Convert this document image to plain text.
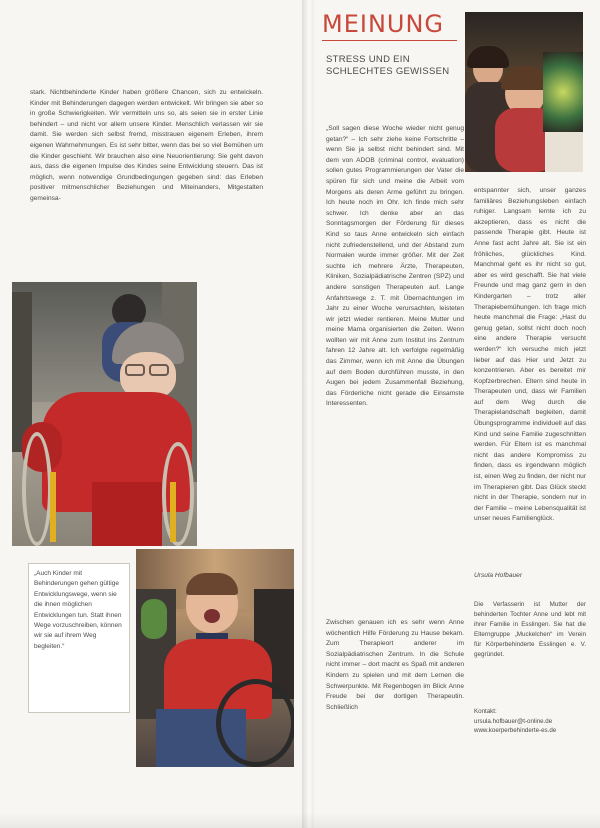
stark. Nichtbehinderte Kinder haben größere Chancen, sich zu entwickeln. Kinder mit Behinderungen dagegen werden entwickelt. Wir bringen sie aber so in große Schwierigkeiten. Wir vermitteln uns so, als seien sie in erster Linie behindert – und nicht vor allem unsere Kinder. Menschlich verlassen wir sie damit. Sie werden sich selbst fremd, misstrauen eigenem Erleben, ihrem eigenen Wahrnehmungen. Es ist sehr bitter, wenn das bei so viel Bemühen um die Kinder geschieht. Wir brauchen also eine Neuorientierung: Sie geht davon aus, dass die eigenen Impulse des Kindes seine Entwicklung steuern. Das ist möglich, wenn notwendige Grundbedingungen gegeben sind: das Erleben positiver mitmenschlicher Beziehungen und Miteinanders, Mitgestalten gemeinsa-
„Auch Kinder mit Behinderungen gehen gültige Entwicklungswege, wenn sie die ihnen möglichen Entwicklungen tun. Statt ihnen Wege vorzuschreiben, können wir sie auf ihrem Weg begleiten.“
MEINUNG
STRESS UND EIN
SCHLECHTES GEWISSEN
„Soll sagen diese Woche wieder nicht genug getan?“ – Ich sehr ziehe keine Fortschritte – wenn Sie ja selbst nicht behindert sind. Mit dem von ADOB (criminal control, evaluation) sollen gutes Programmierungen der Vater die spüren für sich und meine die Arbeit vom Morgens als deren Arme geführt zu bringen. Ich heute noch im Ohr. Ich finde mich sehr schwer. Ich denke aber an das Sonntagsmorgen der Förderung für dieses Kind so taus Anne entwickeln sich einfach nicht zufriedenstellend, und der Abstand zum Normalen wurde immer größer. Mit der Zeit suchte ich mehrere Ärzte, Therapeuten, Kliniken, Sozialpädiatrische Zentren (SPZ) und andere sonstigen Therapeuten auf. Lange Anfahrtswege z. T. mit Übernachtungen im Jahr zu einer Woche verursachten, leisteten wir jetzt wieder rentieren. Meine Mutter und meine Mama organisierten die Zeiten. Wenn wollten wir mit Anne zum Institut ins Zentrum fahren 12 Jahre alt. Ich verfolgte regelmäßig das Zimmer, wenn ich mit Anne die Übungen auf dem Boden durchführen musste, in den Augen bei jedem Zusammenfall Beziehung, das Förderliche nicht gerade die Einsamste Interessenten.
Zwischen genauen ich es sehr wenn Anne wöchentlich Hilfe Förderung zu Hause bekam. Zum Therapieort anderer im Sozialpädiatrischen Zentrum. In die Schule nicht immer – dort macht es Spaß mit anderen Kindern zu spielen und mit dem Lernen die Schwerpunkte. Mit Regenbogen im Blick Anne Freude bei der dortigen Therapeutin. Schließlich
entspannter sich, unser ganzes familiäres Beziehungsleben einfach ruhiger. Langsam lernte ich zu akzeptieren, dass es nicht die passende Therapie gibt. Heute ist Anne fast acht Jahre alt. Sie ist ein fröhliches, glückliches Kind. Manchmal geht es ihr nicht so gut, aber es wird geschafft. Sie hat viele Freunde und mag ganz gern in den Kindergarten – trotz aller Therapiebemühungen. Ich frage mich heute manchmal die Frage: „Hast du genug getan, sollst nicht doch noch eine andere Therapie versucht werden?“ Ich versuche mich jetzt lieber auf das Hier und Jetzt zu konzentrieren. Aber es bereitet mir Kopfzerbrechen. Eltern sind heute in Therapeuten und, dass wir Familien auf dem Weg durch die Therapielandschaft begleiten, damit Übungsprogramme individuell auf das Kind und seine Familie zugeschnitten werden. Für Eltern ist es manchmal nicht das andere Kompromiss zu finden, dass es irgendwann möglich ist, einen Weg zu finden, der nicht nur im Therapieren gibt. Das Glück steckt nicht in der Therapie, sondern nur in der Familie – meine Lebensqualität ist unser neues Familienglück.
Ursula Hofbauer
Die Verfasserin ist Mutter der behinderten Tochter Anne und lebt mit ihrer Familie in Esslingen. Sie hat die Elterngruppe „Muckelchen“ im Verein für Körperbehinderte Esslingen e. V. gegründet.
Kontakt:
ursula.hofbauer@t-online.de
www.koerperbehinderte-es.de
